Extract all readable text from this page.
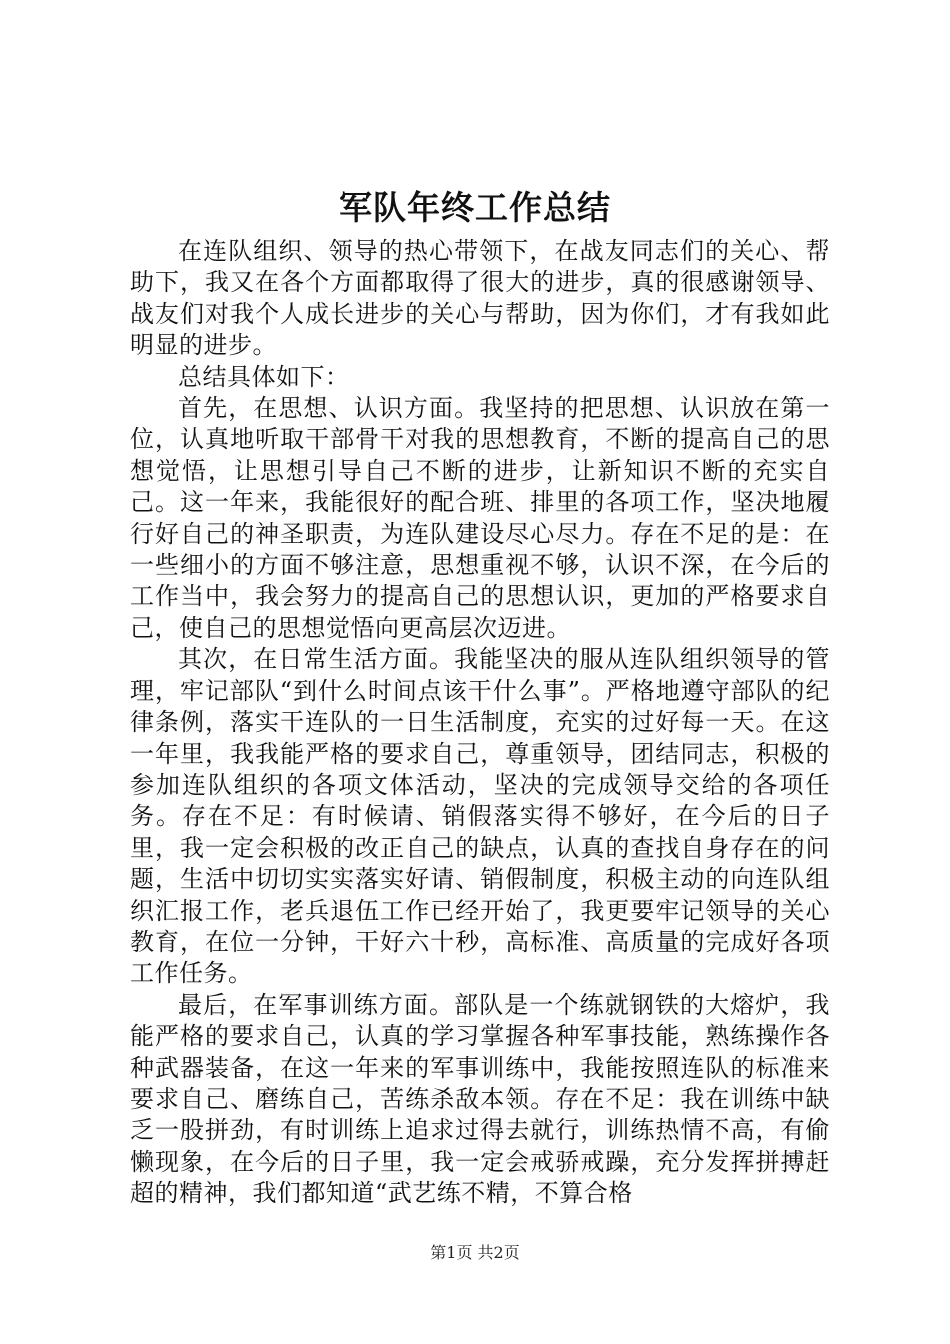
军队年终工作总结

在连队组织、领导的热心带领下，在战友同志们的关心、帮助下，我又在各个方面都取得了很大的进步，真的很感谢领导、战友们对我个人成长进步的关心与帮助，因为你们，才有我如此明显的进步。

总结具体如下：

首先，在思想、认识方面。我坚持的把思想、认识放在第一位，认真地听取干部骨干对我的思想教育，不断的提高自己的思想觉悟，让思想引导自己不断的进步，让新知识不断的充实自己。这一年来，我能很好的配合班、排里的各项工作，坚决地履行好自己的神圣职责，为连队建设尽心尽力。存在不足的是：在一些细小的方面不够注意，思想重视不够，认识不深，在今后的工作当中，我会努力的提高自己的思想认识，更加的严格要求自己，使自己的思想觉悟向更高层次迈进。

其次，在日常生活方面。我能坚决的服从连队组织领导的管理，牢记部队“到什么时间点该干什么事”。严格地遵守部队的纪律条例，落实干连队的一日生活制度，充实的过好每一天。在这一年里，我我能严格的要求自己，尊重领导，团结同志，积极的参加连队组织的各项文体活动，坚决的完成领导交给的各项任务。存在不足：有时候请、销假落实得不够好，在今后的日子里，我一定会积极的改正自己的缺点，认真的查找自身存在的问题，生活中切切实实落实好请、销假制度，积极主动的向连队组织汇报工作，老兵退伍工作已经开始了，我更要牢记领导的关心教育，在位一分钟，干好六十秒，高标准、高质量的完成好各项工作任务。

最后，在军事训练方面。部队是一个练就钢铁的大熔炉，我能严格的要求自己，认真的学习掌握各种军事技能，熟练操作各种武器装备，在这一年来的军事训练中，我能按照连队的标准来要求自己、磨练自己，苦练杀敌本领。存在不足：我在训练中缺乏一股拼劲，有时训练上追求过得去就行，训练热情不高，有偷懒现象，在今后的日子里，我一定会戒骄戒躁，充分发挥拼搏赶超的精神，我们都知道“武艺练不精，不算合格

第1页 共2页
